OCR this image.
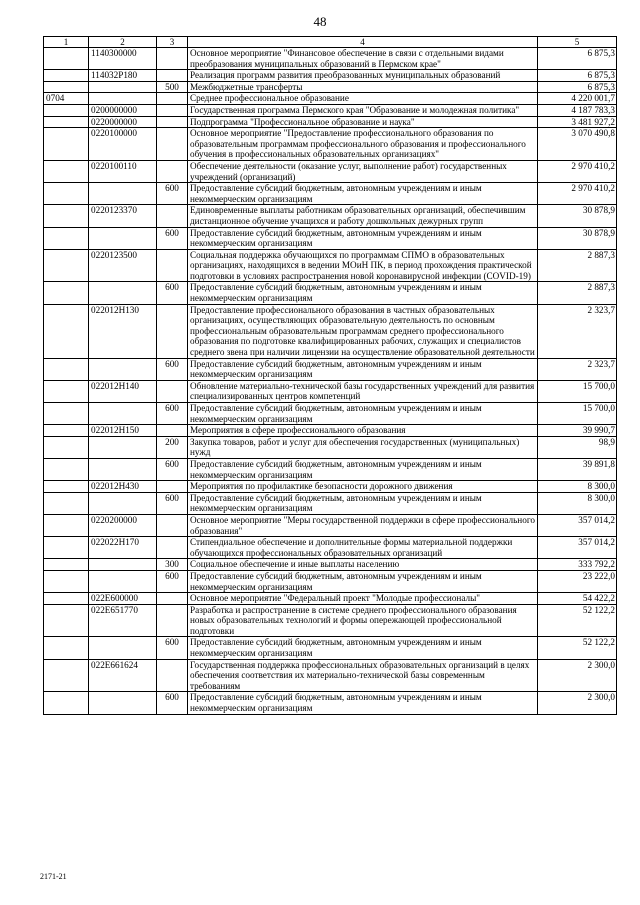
48
1	2	3	4	5
	1140300000		Основное мероприятие "Финансовое обеспечение в связи с отдельными видами преобразования муниципальных образований в Пермском крае"	6 875,3
	114032Р180		Реализация программ развития преобразованных муниципальных образований	6 875,3
		500	Межбюджетные трансферты	6 875,3
0704			Среднее профессиональное образование	4 220 001,7
	0200000000		Государственная программа Пермского края "Образование и молодежная политика"	4 187 783,3
	0220000000		Подпрограмма "Профессиональное образование и наука"	3 481 927,2
	0220100000		Основное мероприятие "Предоставление профессионального образования по образовательным программам профессионального образования и профессионального обучения в профессиональных образовательных организациях"	3 070 490,8
	0220100110		Обеспечение деятельности (оказание услуг, выполнение работ) государственных учреждений (организаций)	2 970 410,2
		600	Предоставление субсидий бюджетным, автономным учреждениям и иным некоммерческим организациям	2 970 410,2
	0220123370		Единовременные выплаты работникам образовательных организаций, обеспечившим дистанционное обучение учащихся и работу дошкольных дежурных групп	30 878,9
		600	Предоставление субсидий бюджетным, автономным учреждениям и иным некоммерческим организациям	30 878,9
	0220123500		Социальная поддержка обучающихся по программам СПМО в образовательных организациях, находящихся в ведении МОиН ПК, в период прохождения практической подготовки в условиях распространения новой коронавирусной инфекции (COVID-19)	2 887,3
		600	Предоставление субсидий бюджетным, автономным учреждениям и иным некоммерческим организациям	2 887,3
	022012Н130		Предоставление профессионального образования в частных образовательных организациях, осуществляющих образовательную деятельность по основным профессиональным образовательным программам среднего профессионального образования по подготовке квалифицированных рабочих, служащих и специалистов среднего звена при наличии лицензии на осуществление образовательной деятельности	2 323,7
		600	Предоставление субсидий бюджетным, автономным учреждениям и иным некоммерческим организациям	2 323,7
	022012Н140		Обновление материально-технической базы государственных учреждений для развития специализированных центров компетенций	15 700,0
		600	Предоставление субсидий бюджетным, автономным учреждениям и иным некоммерческим организациям	15 700,0
	022012Н150		Мероприятия в сфере профессионального образования	39 990,7
		200	Закупка товаров, работ и услуг для обеспечения государственных (муниципальных) нужд	98,9
		600	Предоставление субсидий бюджетным, автономным учреждениям и иным некоммерческим организациям	39 891,8
	022012Н430		Мероприятия по профилактике безопасности дорожного движения	8 300,0
		600	Предоставление субсидий бюджетным, автономным учреждениям и иным некоммерческим организациям	8 300,0
	0220200000		Основное мероприятие "Меры государственной поддержки в сфере профессионального образования"	357 014,2
	022022Н170		Стипендиальное обеспечение и дополнительные формы материальной поддержки обучающихся профессиональных образовательных организаций	357 014,2
		300	Социальное обеспечение и иные выплаты населению	333 792,2
		600	Предоставление субсидий бюджетным, автономным учреждениям и иным некоммерческим организациям	23 222,0
	022E600000		Основное мероприятие "Федеральный проект "Молодые профессионалы"	54 422,2
	022E651770		Разработка и распространение в системе среднего профессионального образования новых образовательных технологий и формы опережающей профессиональной подготовки	52 122,2
		600	Предоставление субсидий бюджетным, автономным учреждениям и иным некоммерческим организациям	52 122,2
	022E661624		Государственная поддержка профессиональных образовательных организаций в целях обеспечения соответствия их материально-технической базы современным требованиям	2 300,0
		600	Предоставление субсидий бюджетным, автономным учреждениям и иным некоммерческим организациям	2 300,0
2171-21
